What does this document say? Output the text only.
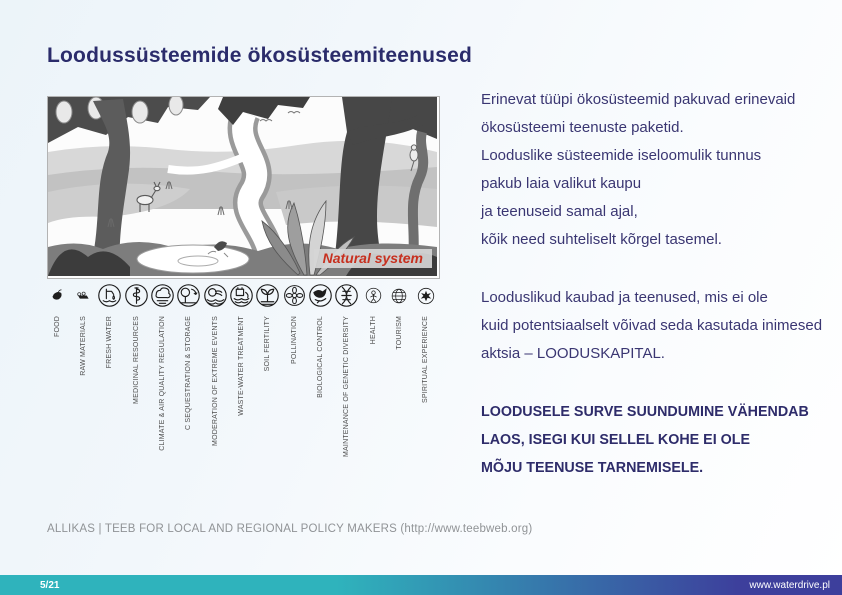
Loodussüsteemide ökosüsteemiteenused
Natural system
FOOD	RAW MATERIALS	FRESH WATER	MEDICINAL RESOURCES	CLIMATE & AIR QUALITY REGULATION	C SEQUESTRATION & STORAGE	MODERATION OF EXTREME EVENTS	WASTE-WATER TREATMENT	SOIL FERTILITY	POLLINATION	BIOLOGICAL CONTROL	MAINTENANCE OF GENETIC DIVERSITY	HEALTH	TOURISM	SPIRITUAL EXPERIENCE
Erinevat tüüpi ökosüsteemid pakuvad erinevaid
ökosüsteemi teenuste paketid.
Looduslike süsteemide iseloomulik tunnus
pakub laia valikut kaupu
ja teenuseid samal ajal,
kõik need suhteliselt kõrgel tasemel.
Looduslikud kaubad ja teenused, mis ei ole
kuid potentsiaalselt võivad seda kasutada inimesed
aktsia – LOODUSKAPITAL.
LOODUSELE SURVE SUUNDUMINE VÄHENDAB
LAOS, ISEGI KUI SELLEL KOHE EI OLE
MÕJU TEENUSE TARNEMISELE.
ALLIKAS | TEEB FOR LOCAL AND REGIONAL POLICY MAKERS (http://www.teebweb.org)
5/21	www.waterdrive.pl
